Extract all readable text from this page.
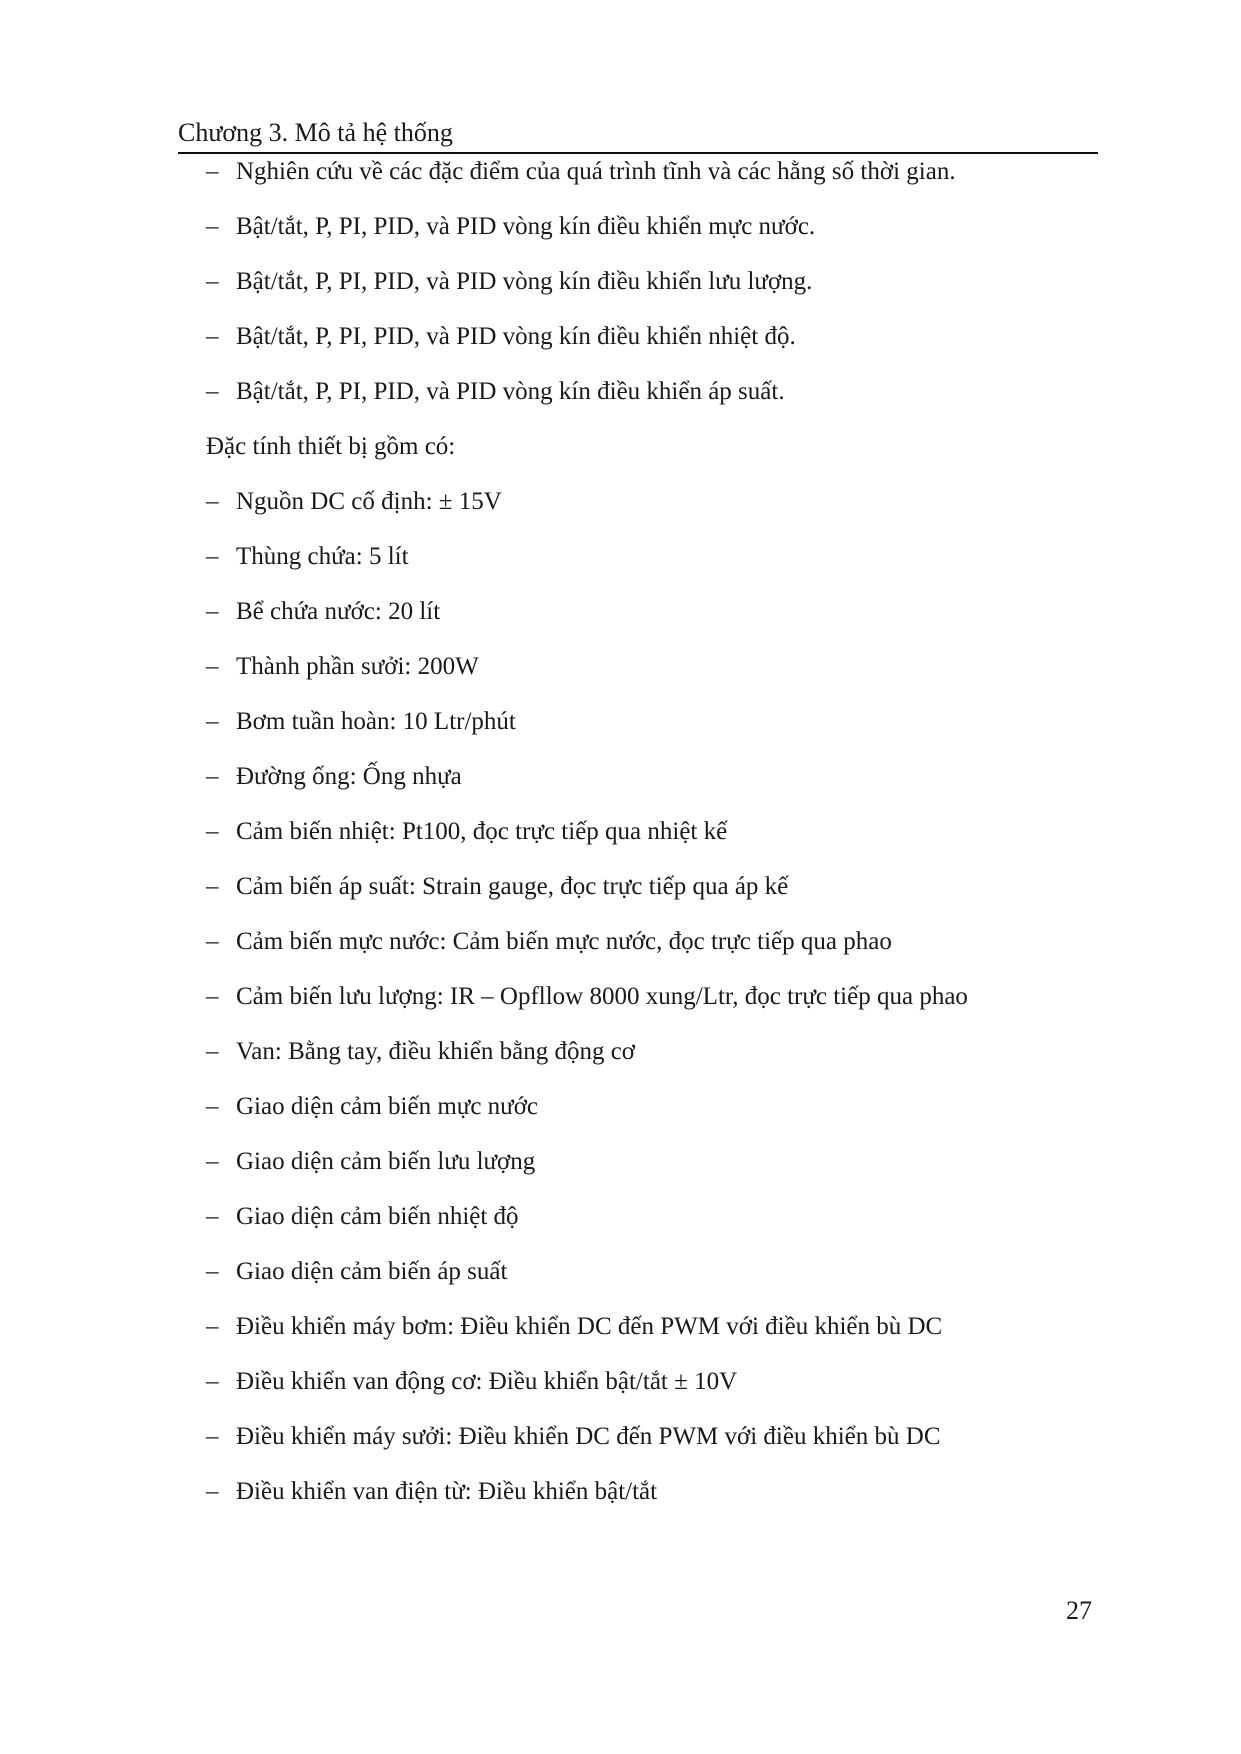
Chương 3. Mô tả hệ thống
– Nghiên cứu về các đặc điểm của quá trình tĩnh và các hằng số thời gian.
– Bật/tắt, P, PI, PID, và PID vòng kín điều khiển mực nước.
– Bật/tắt, P, PI, PID, và PID vòng kín điều khiển lưu lượng.
– Bật/tắt, P, PI, PID, và PID vòng kín điều khiển nhiệt độ.
– Bật/tắt, P, PI, PID, và PID vòng kín điều khiển áp suất.
Đặc tính thiết bị gồm có:
– Nguồn DC cố định: ± 15V
– Thùng chứa: 5 lít
– Bể chứa nước: 20 lít
– Thành phần sưởi: 200W
– Bơm tuần hoàn: 10 Ltr/phút
– Đường ống: Ống nhựa
– Cảm biến nhiệt: Pt100, đọc trực tiếp qua nhiệt kế
– Cảm biến áp suất: Strain gauge, đọc trực tiếp qua áp kế
– Cảm biến mực nước: Cảm biến mực nước, đọc trực tiếp qua phao
– Cảm biến lưu lượng: IR – Opfllow 8000 xung/Ltr, đọc trực tiếp qua phao
– Van: Bằng tay, điều khiển bằng động cơ
– Giao diện cảm biến mực nước
– Giao diện cảm biến lưu lượng
– Giao diện cảm biến nhiệt độ
– Giao diện cảm biến áp suất
– Điều khiển máy bơm: Điều khiển DC đến PWM với điều khiển bù DC
– Điều khiển van động cơ: Điều khiển bật/tắt ± 10V
– Điều khiển máy sưởi: Điều khiển DC đến PWM với điều khiển bù DC
– Điều khiển van điện từ: Điều khiển bật/tắt
27
